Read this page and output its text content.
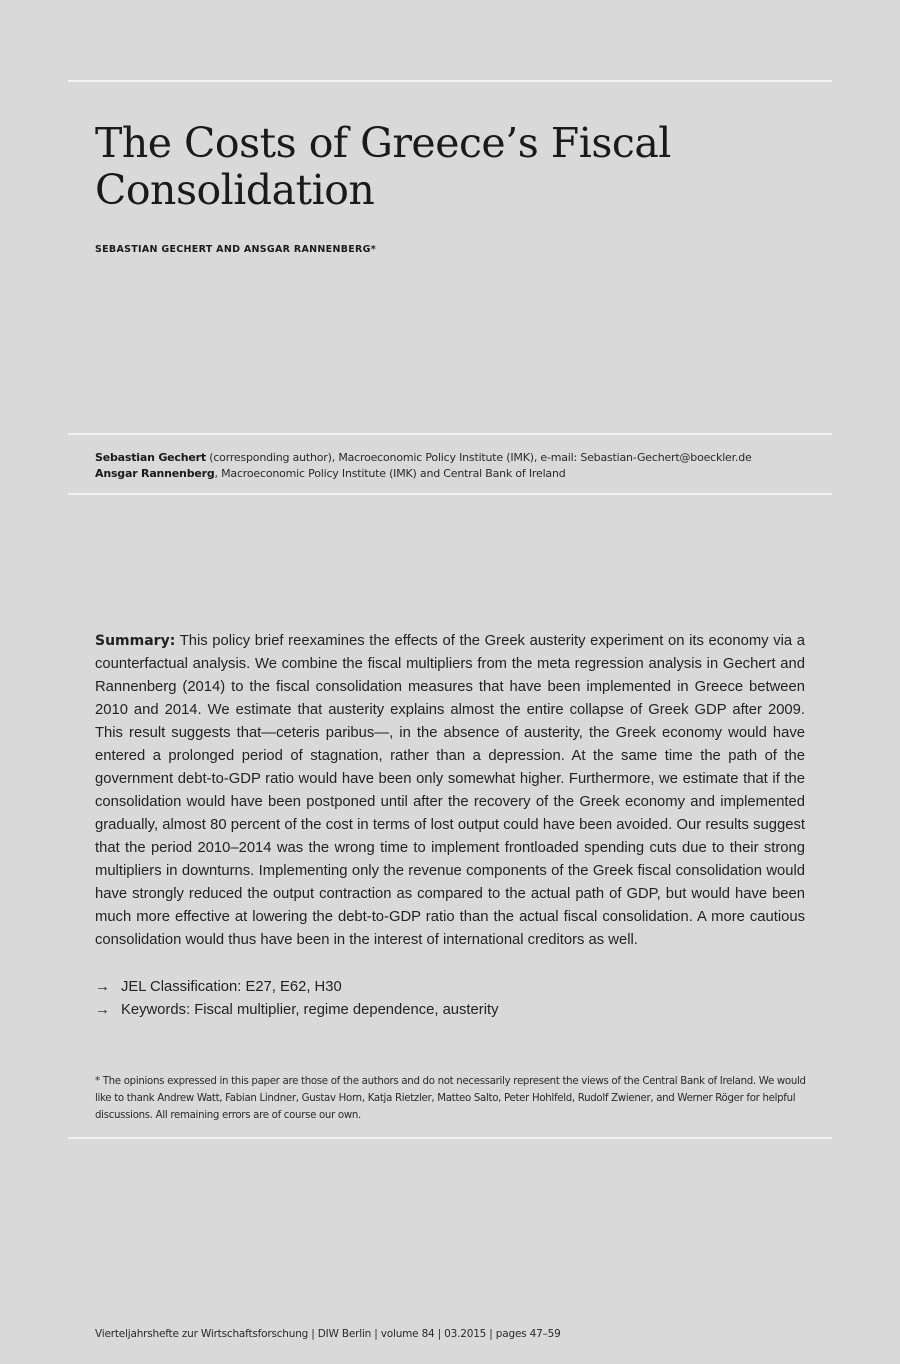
The Costs of Greece’s Fiscal
Consolidation
SEBASTIAN GECHERT AND ANSGAR RANNENBERG*
Sebastian Gechert (corresponding author), Macroeconomic Policy Institute (IMK), e-mail: Sebastian-Gechert@boeckler.de
Ansgar Rannenberg, Macroeconomic Policy Institute (IMK) and Central Bank of Ireland

Summary: This policy brief reexamines the effects of the Greek austerity experiment on its economy via a counterfactual analysis. We combine the fiscal multipliers from the meta regression analysis in Gechert and Rannenberg (2014) to the fiscal consolidation measures that have been implemented in Greece between 2010 and 2014. We estimate that austerity explains almost the entire collapse of Greek GDP after 2009. This result suggests that—ceteris paribus—, in the absence of austerity, the Greek economy would have entered a prolonged period of stagnation, rather than a depression. At the same time the path of the government debt-to-GDP ratio would have been only somewhat higher. Furthermore, we estimate that if the consolidation would have been postponed until after the recovery of the Greek economy and implemented gradually, almost 80 percent of the cost in terms of lost output could have been avoided. Our results suggest that the period 2010–2014 was the wrong time to implement frontloaded spending cuts due to their strong multipliers in downturns. Implementing only the revenue components of the Greek fiscal consolidation would have strongly reduced the output contraction as compared to the actual path of GDP, but would have been much more effective at lowering the debt-to-GDP ratio than the actual fiscal consolidation. A more cautious consolidation would thus have been in the interest of international creditors as well.

→ JEL Classification: E27, E62, H30
→ Keywords: Fiscal multiplier, regime dependence, austerity

* The opinions expressed in this paper are those of the authors and do not necessarily represent the views of the Central Bank of Ireland. We would like to thank Andrew Watt, Fabian Lindner, Gustav Horn, Katja Rietzler, Matteo Salto, Peter Hohlfeld, Rudolf Zwiener, and Werner Röger for helpful discussions. All remaining errors are of course our own.

Vierteljahrshefte zur Wirtschaftsforschung | DIW Berlin | volume 84 | 03.2015 | pages 47–59
